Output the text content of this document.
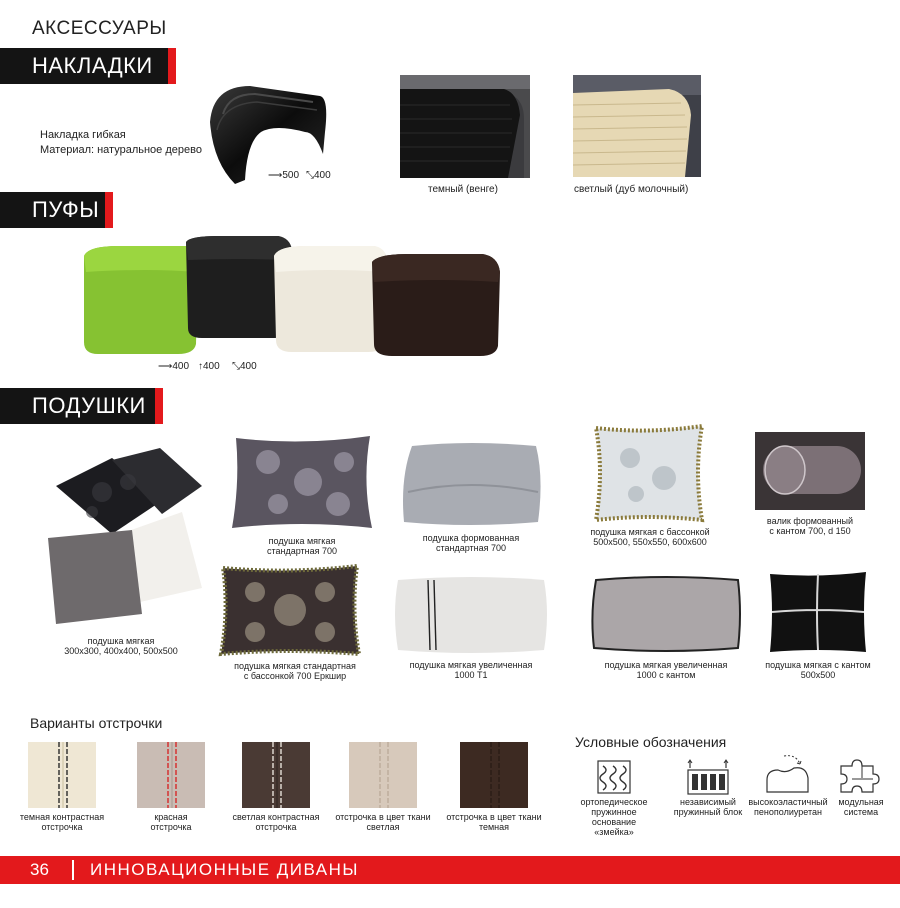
АКСЕССУАРЫ
НАКЛАДКИ
Накладка гибкая
Материал: натуральное дерево
⟶500 ⤡400
темный (венге)	светлый (дуб молочный)
ПУФЫ
⟶400 ↑400 ⤡400
ПОДУШКИ
подушка мягкая
300х300, 400х400, 500х500
подушка мягкая
стандартная 700
подушка формованная
стандартная 700
подушка мягкая с бассонкой
500х500, 550х550, 600х600
валик формованный
с кантом 700, d 150
подушка мягкая стандартная
с бассонкой 700 Еркшир
подушка мягкая увеличенная
1000 Т1
подушка мягкая увеличенная
1000 с кантом
подушка мягкая с кантом
500х500
Варианты отстрочки
темная контрастная
отстрочка
красная
отстрочка
светлая контрастная
отстрочка
отстрочка в цвет ткани
светлая
отстрочка в цвет ткани
темная
Условные обозначения
ортопедическое
пружинное основание
«змейка»
независимый
пружинный блок
высокоэластичный
пенополиуретан
модульная
система
36 ИННОВАЦИОННЫЕ ДИВАНЫ
